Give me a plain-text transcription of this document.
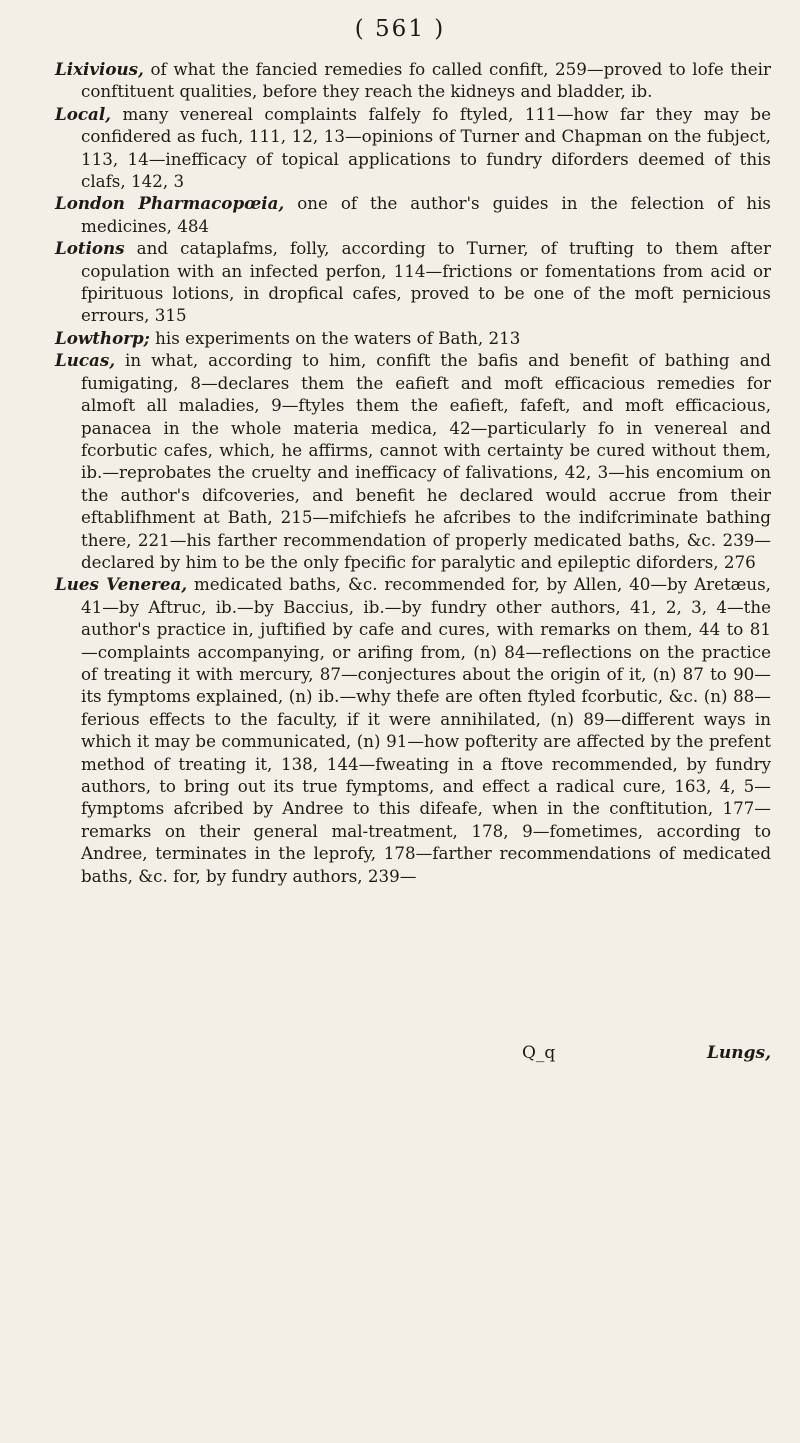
( 561 )

Lixivious, of what the fancied remedies fo called confift, 259—proved to lofe their conftituent qualities, before they reach the kidneys and bladder, ib.

Local, many venereal complaints falfely fo ftyled, 111—how far they may be confidered as fuch, 111, 12, 13—opinions of Turner and Chapman on the fubject, 113, 14—inefficacy of topical applications to fundry diforders deemed of this clafs, 142, 3

London Pharmacopœia, one of the author's guides in the felection of his medicines, 484

Lotions and cataplafms, folly, according to Turner, of trufting to them after copulation with an infected perfon, 114—frictions or fomentations from acid or fpirituous lotions, in dropfical cafes, proved to be one of the moft pernicious errours, 315

Lowthorp; his experiments on the waters of Bath, 213

Lucas, in what, according to him, confift the bafis and benefit of bathing and fumigating, 8—declares them the eafieft and moft efficacious remedies for almoft all maladies, 9—ftyles them the eafieft, fafeft, and moft efficacious, panacea in the whole materia medica, 42—particularly fo in venereal and fcorbutic cafes, which, he affirms, cannot with certainty be cured without them, ib.—reprobates the cruelty and inefficacy of falivations, 42, 3—his encomium on the author's difcoveries, and benefit he declared would accrue from their eftablifhment at Bath, 215—mifchiefs he afcribes to the indifcriminate bathing there, 221—his farther recommendation of properly medicated baths, &c. 239—declared by him to be the only fpecific for paralytic and epileptic diforders, 276

Lues Venerea, medicated baths, &c. recommended for, by Allen, 40—by Aretæus, 41—by Aftruc, ib.—by Baccius, ib.—by fundry other authors, 41, 2, 3, 4—the author's practice in, juftified by cafe and cures, with remarks on them, 44 to 81—complaints accompanying, or arifing from, (n) 84—reflections on the practice of treating it with mercury, 87—conjectures about the origin of it, (n) 87 to 90—its fymptoms explained, (n) ib.—why thefe are often ftyled fcorbutic, &c. (n) 88—ferious effects to the faculty, if it were annihilated, (n) 89—different ways in which it may be communicated, (n) 91—how pofterity are affected by the prefent method of treating it, 138, 144—fweating in a ftove recommended, by fundry authors, to bring out its true fymptoms, and effect a radical cure, 163, 4, 5—fymptoms afcribed by Andree to this difeafe, when in the conftitution, 177—remarks on their general mal-treatment, 178, 9—fometimes, according to Andree, terminates in the leprofy, 178—farther recommendations of medicated baths, &c. for, by fundry authors, 239—

Q_q	Lungs,
